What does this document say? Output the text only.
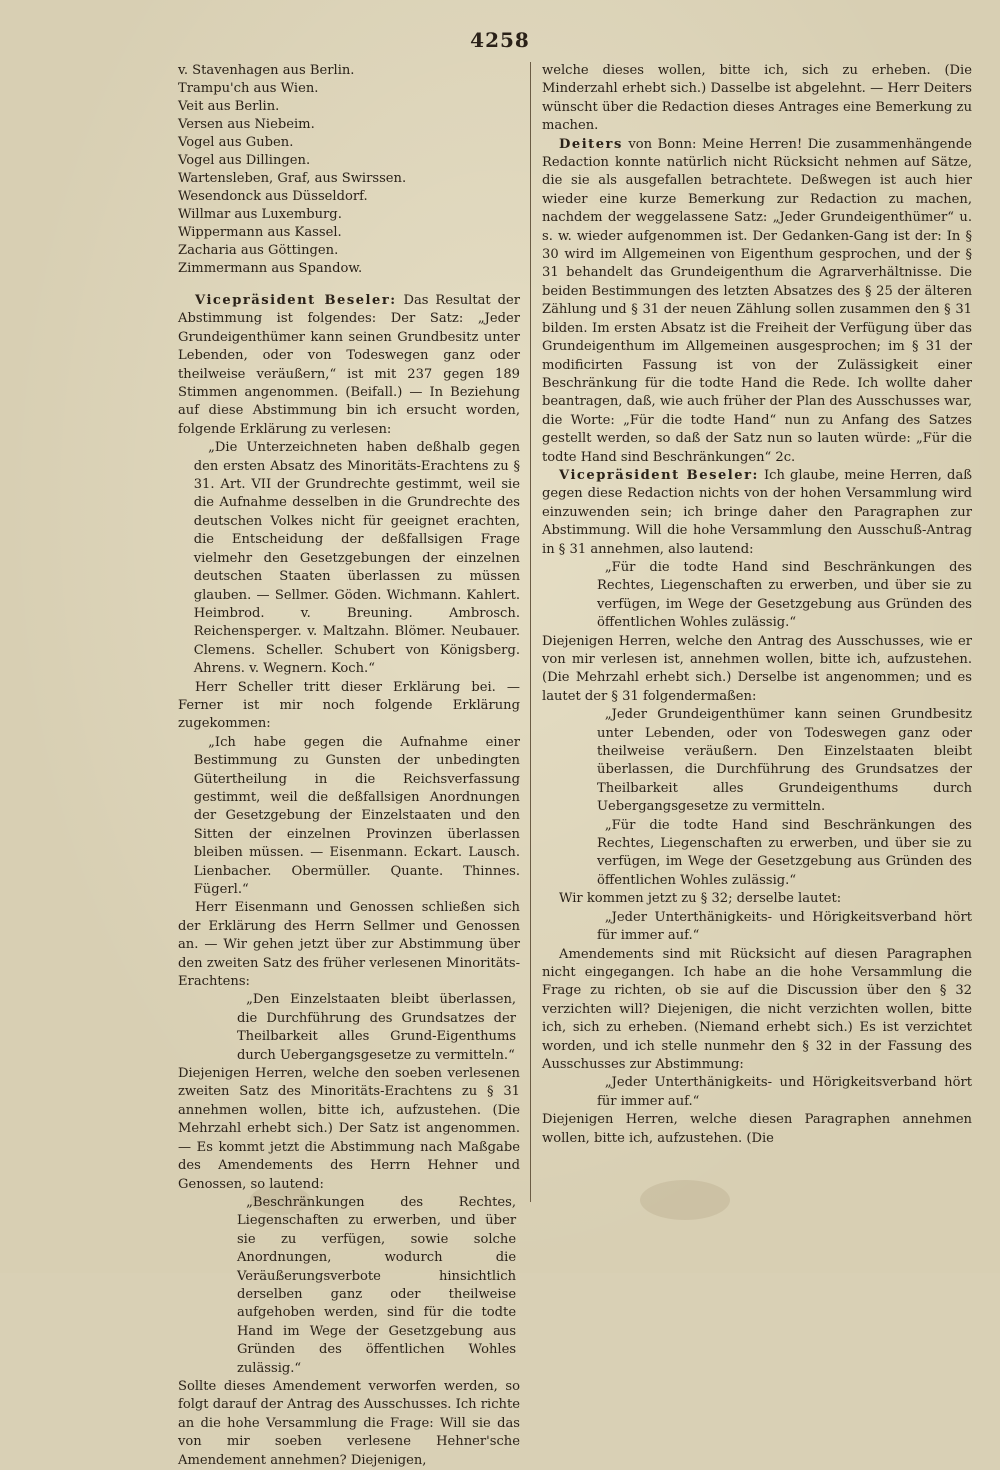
4258
v. Stavenhagen aus Berlin.
Trampu'ch aus Wien.
Veit aus Berlin.
Versen aus Niebeim.
Vogel aus Guben.
Vogel aus Dillingen.
Wartensleben, Graf, aus Swirssen.
Wesendonck aus Düsseldorf.
Willmar aus Luxemburg.
Wippermann aus Kassel.
Zacharia aus Göttingen.
Zimmermann aus Spandow.

Vicepräsident Beseler: Das Resultat der Abstimmung ist folgendes: Der Satz: „Jeder Grundeigenthümer kann seinen Grundbesitz unter Lebenden, oder von Todeswegen ganz oder theilweise veräußern,“ ist mit 237 gegen 189 Stimmen angenommen. (Beifall.) — In Beziehung auf diese Abstimmung bin ich ersucht worden, folgende Erklärung zu verlesen:

„Die Unterzeichneten haben deßhalb gegen den ersten Absatz des Minoritäts-Erachtens zu § 31. Art. VII der Grundrechte gestimmt, weil sie die Aufnahme desselben in die Grundrechte des deutschen Volkes nicht für geeignet erachten, die Entscheidung der deßfallsigen Frage vielmehr den Gesetzgebungen der einzelnen deutschen Staaten überlassen zu müssen glauben. — Sellmer. Göden. Wichmann. Kahlert. Heimbrod. v. Breuning. Ambrosch. Reichensperger. v. Maltzahn. Blömer. Neubauer. Clemens. Scheller. Schubert von Königsberg. Ahrens. v. Wegnern. Koch.“

Herr Scheller tritt dieser Erklärung bei. — Ferner ist mir noch folgende Erklärung zugekommen:

„Ich habe gegen die Aufnahme einer Bestimmung zu Gunsten der unbedingten Gütertheilung in die Reichsverfassung gestimmt, weil die deßfallsigen Anordnungen der Gesetzgebung der Einzelstaaten und den Sitten der einzelnen Provinzen überlassen bleiben müssen. — Eisenmann. Eckart. Lausch. Lienbacher. Obermüller. Quante. Thinnes. Fügerl.“

Herr Eisenmann und Genossen schließen sich der Erklärung des Herrn Sellmer und Genossen an. — Wir gehen jetzt über zur Abstimmung über den zweiten Satz des früher verlesenen Minoritäts-Erachtens:

„Den Einzelstaaten bleibt überlassen, die Durchführung des Grundsatzes der Theilbarkeit alles Grund-Eigenthums durch Uebergangsgesetze zu vermitteln.“

Diejenigen Herren, welche den soeben verlesenen zweiten Satz des Minoritäts-Erachtens zu § 31 annehmen wollen, bitte ich, aufzustehen. (Die Mehrzahl erhebt sich.) Der Satz ist angenommen. — Es kommt jetzt die Abstimmung nach Maßgabe des Amendements des Herrn Hehner und Genossen, so lautend:

„Beschränkungen des Rechtes, Liegenschaften zu erwerben, und über sie zu verfügen, sowie solche Anordnungen, wodurch die Veräußerungsverbote hinsichtlich derselben ganz oder theilweise aufgehoben werden, sind für die todte Hand im Wege der Gesetzgebung aus Gründen des öffentlichen Wohles zulässig.“

Sollte dieses Amendement verworfen werden, so folgt darauf der Antrag des Ausschusses. Ich richte an die hohe Versammlung die Frage: Will sie das von mir soeben verlesene Hehner'sche Amendement annehmen? Diejenigen,

welche dieses wollen, bitte ich, sich zu erheben. (Die Minderzahl erhebt sich.) Dasselbe ist abgelehnt. — Herr Deiters wünscht über die Redaction dieses Antrages eine Bemerkung zu machen.

Deiters von Bonn: Meine Herren! Die zusammenhängende Redaction konnte natürlich nicht Rücksicht nehmen auf Sätze, die sie als ausgefallen betrachtete. Deßwegen ist auch hier wieder eine kurze Bemerkung zur Redaction zu machen, nachdem der weggelassene Satz: „Jeder Grundeigenthümer“ u. s. w. wieder aufgenommen ist. Der Gedanken-Gang ist der: In § 30 wird im Allgemeinen von Eigenthum gesprochen, und der § 31 behandelt das Grundeigenthum die Agrarverhältnisse. Die beiden Bestimmungen des letzten Absatzes des § 25 der älteren Zählung und § 31 der neuen Zählung sollen zusammen den § 31 bilden. Im ersten Absatz ist die Freiheit der Verfügung über das Grundeigenthum im Allgemeinen ausgesprochen; im § 31 der modificirten Fassung ist von der Zulässigkeit einer Beschränkung für die todte Hand die Rede. Ich wollte daher beantragen, daß, wie auch früher der Plan des Ausschusses war, die Worte: „Für die todte Hand“ nun zu Anfang des Satzes gestellt werden, so daß der Satz nun so lauten würde: „Für die todte Hand sind Beschränkungen“ 2c.

Vicepräsident Beseler: Ich glaube, meine Herren, daß gegen diese Redaction nichts von der hohen Versammlung wird einzuwenden sein; ich bringe daher den Paragraphen zur Abstimmung. Will die hohe Versammlung den Ausschuß-Antrag in § 31 annehmen, also lautend:

„Für die todte Hand sind Beschränkungen des Rechtes, Liegenschaften zu erwerben, und über sie zu verfügen, im Wege der Gesetzgebung aus Gründen des öffentlichen Wohles zulässig.“

Diejenigen Herren, welche den Antrag des Ausschusses, wie er von mir verlesen ist, annehmen wollen, bitte ich, aufzustehen. (Die Mehrzahl erhebt sich.) Derselbe ist angenommen; und es lautet der § 31 folgendermaßen:

„Jeder Grundeigenthümer kann seinen Grundbesitz unter Lebenden, oder von Todeswegen ganz oder theilweise veräußern. Den Einzelstaaten bleibt überlassen, die Durchführung des Grundsatzes der Theilbarkeit alles Grundeigenthums durch Uebergangsgesetze zu vermitteln.

„Für die todte Hand sind Beschränkungen des Rechtes, Liegenschaften zu erwerben, und über sie zu verfügen, im Wege der Gesetzgebung aus Gründen des öffentlichen Wohles zulässig.“

Wir kommen jetzt zu § 32; derselbe lautet:

„Jeder Unterthänigkeits- und Hörigkeitsverband hört für immer auf.“

Amendements sind mit Rücksicht auf diesen Paragraphen nicht eingegangen. Ich habe an die hohe Versammlung die Frage zu richten, ob sie auf die Discussion über den § 32 verzichten will? Diejenigen, die nicht verzichten wollen, bitte ich, sich zu erheben. (Niemand erhebt sich.) Es ist verzichtet worden, und ich stelle nunmehr den § 32 in der Fassung des Ausschusses zur Abstimmung:

„Jeder Unterthänigkeits- und Hörigkeitsverband hört für immer auf.“

Diejenigen Herren, welche diesen Paragraphen annehmen wollen, bitte ich, aufzustehen. (Die
